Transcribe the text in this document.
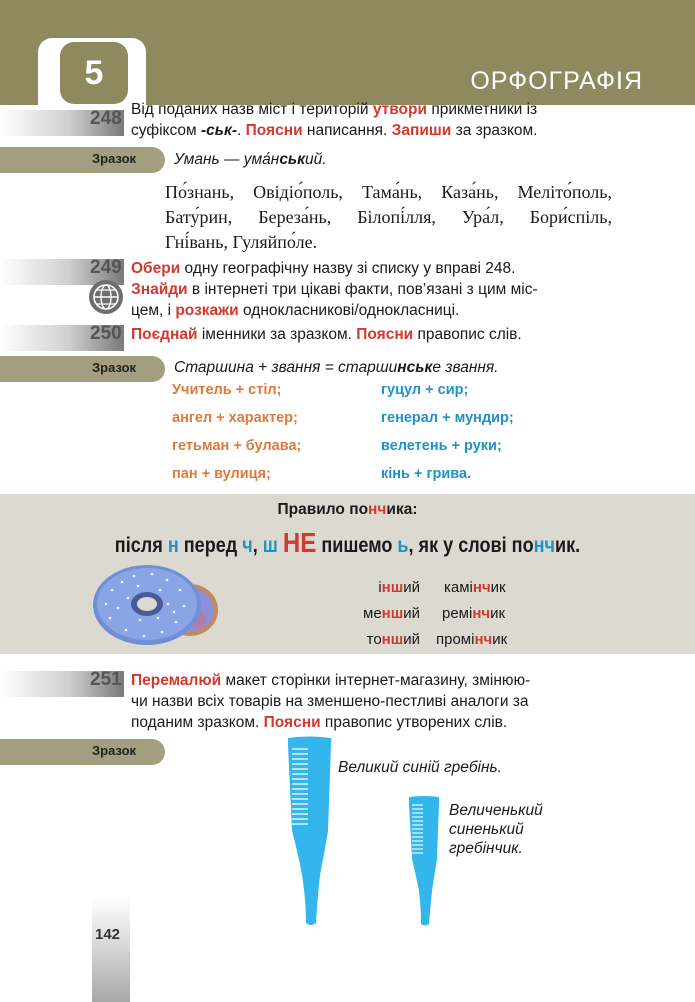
5	ОРФОГРАФІЯ
248 Від поданих назв міст і територій утвори прикметники із
суфіксом -ськ-. Поясни написання. Запиши за зразком.
Зразок Умань — ума́нський.
По́знань, Овідіо́поль, Тама́нь, Каза́нь, Меліто́поль,
Бату́рин, Береза́нь, Білопі́лля, Ура́л, Бори́спіль,
Гні́вань, Гуляйпо́ле.
249 Обери одну географічну назву зі списку у вправі 248.
Знайди в інтернеті три цікаві факти, пов’язані з цим міс-
цем, і розкажи однокласникові/однокласниці.
250 Поєднай іменники за зразком. Поясни правопис слів.
Зразок Старшина + звання = старшинське звання.
Учитель + стіл;
ангел + характер;
гетьман + булава;
пан + вулиця;
гуцул + сир;
генерал + мундир;
велетень + руки;
кінь + грива.
Правило пончика:
після н перед ч, ш НЕ пишемо ь, як у слові пончик.
інший
менший
тонший
камінчик
ремінчик
промінчик
251 Перемалюй макет сторінки інтернет-магазину, змінюю-
чи назви всіх товарів на зменшено-пестливі аналоги за
поданим зразком. Поясни правопис утворених слів.
Зразок
Великий синій гребінь.
Величенький
синенький
гребінчик.
142
